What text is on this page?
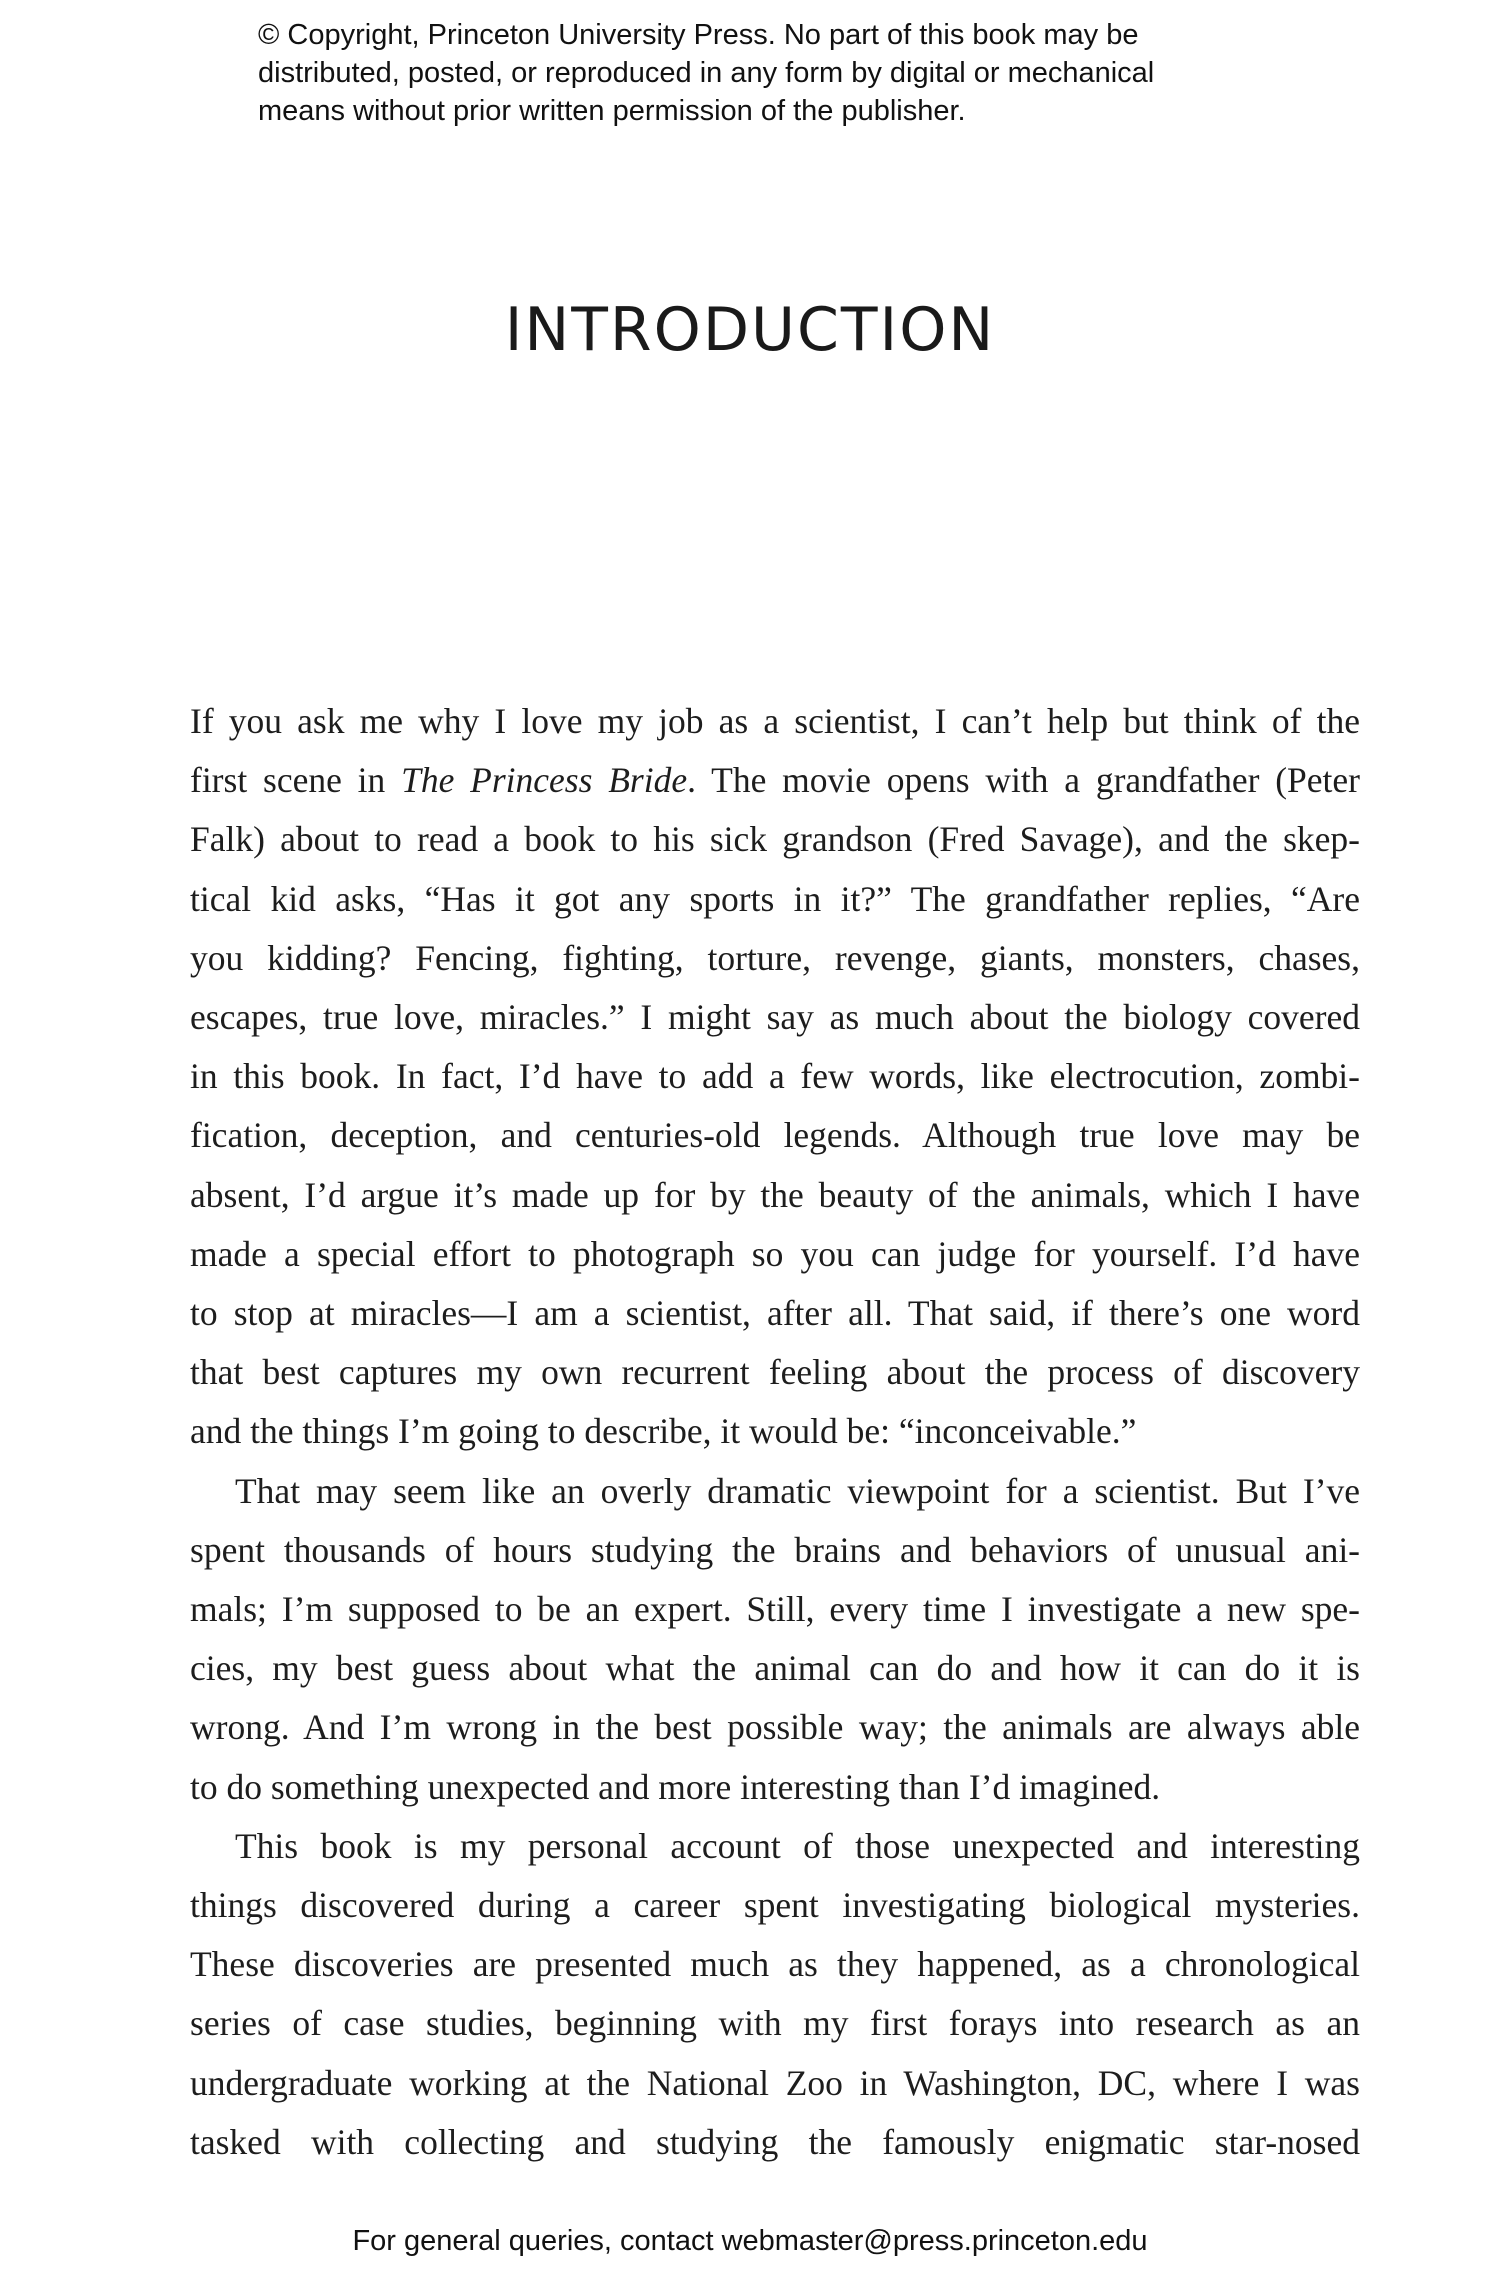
© Copyright, Princeton University Press. No part of this book may be
distributed, posted, or reproduced in any form by digital or mechanical
means without prior written permission of the publisher.
INTRODUCTION

If you ask me why I love my job as a scientist, I can’t help but think of the
first scene in The Princess Bride. The movie opens with a grandfather (Peter
Falk) about to read a book to his sick grandson (Fred Savage), and the skep-
tical kid asks, “Has it got any sports in it?” The grandfather replies, “Are
you kidding? Fencing, fighting, torture, revenge, giants, monsters, chases,
escapes, true love, miracles.” I might say as much about the biology covered
in this book. In fact, I’d have to add a few words, like electrocution, zombi-
fication, deception, and centuries-old legends. Although true love may be
absent, I’d argue it’s made up for by the beauty of the animals, which I have
made a special effort to photograph so you can judge for yourself. I’d have
to stop at miracles—I am a scientist, after all. That said, if there’s one word
that best captures my own recurrent feeling about the process of discovery
and the things I’m going to describe, it would be: “inconceivable.”

That may seem like an overly dramatic viewpoint for a scientist. But I’ve
spent thousands of hours studying the brains and behaviors of unusual ani-
mals; I’m supposed to be an expert. Still, every time I investigate a new spe-
cies, my best guess about what the animal can do and how it can do it is
wrong. And I’m wrong in the best possible way; the animals are always able
to do something unexpected and more interesting than I’d imagined.

This book is my personal account of those unexpected and interesting
things discovered during a career spent investigating biological mysteries.
These discoveries are presented much as they happened, as a chronological
series of case studies, beginning with my first forays into research as an
undergraduate working at the National Zoo in Washington, DC, where I was
tasked with collecting and studying the famously enigmatic star-nosed

For general queries, contact webmaster@press.princeton.edu
